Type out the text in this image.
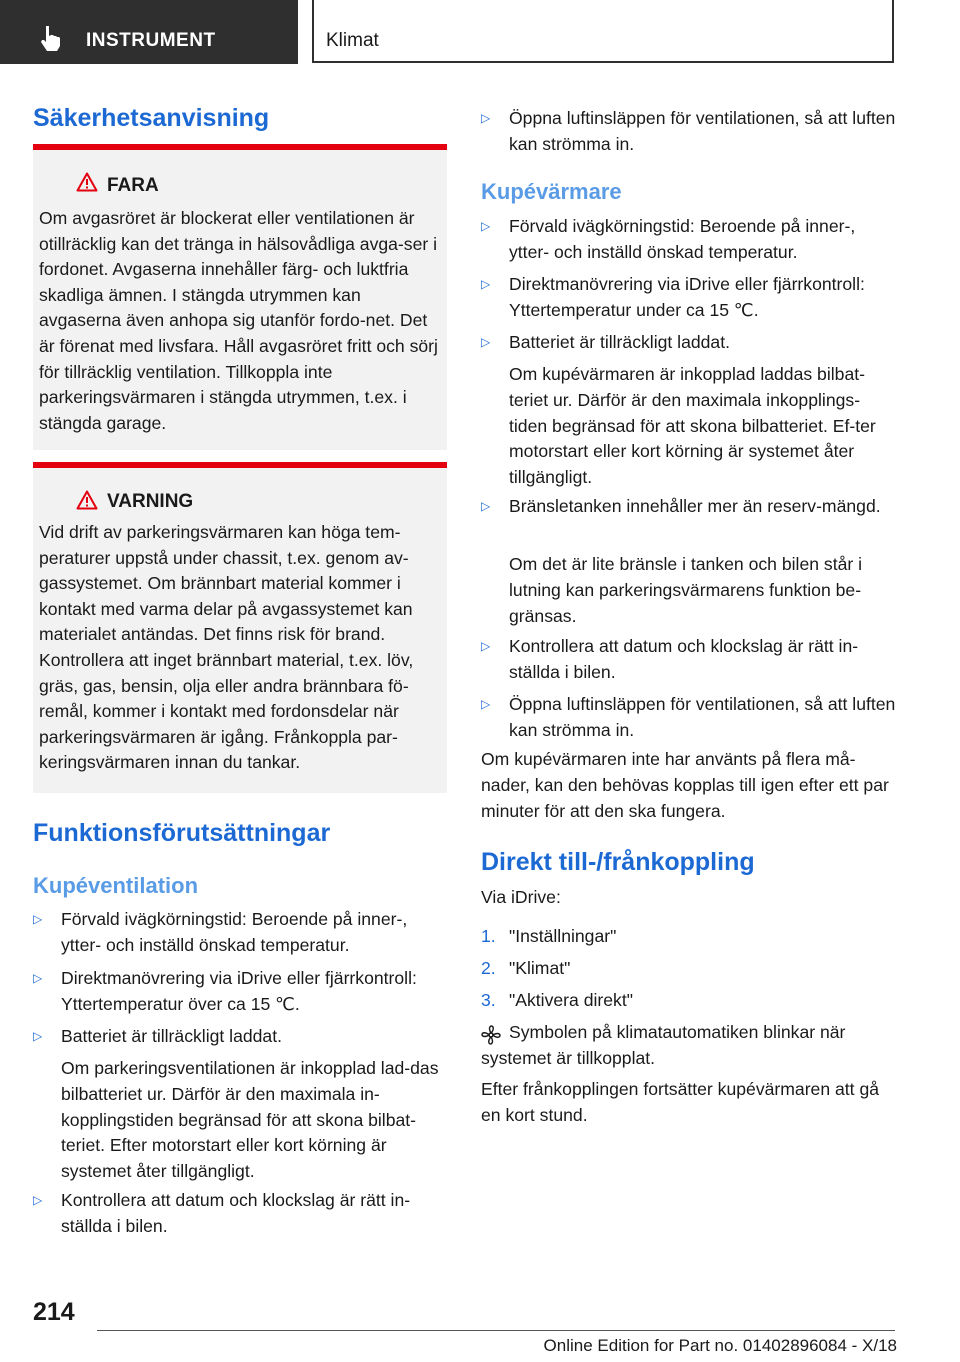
INSTRUMENT	Klimat
Säkerhetsanvisning
FARA
Om avgasröret är blockerat eller ventilationen är otillräcklig kan det tränga in hälsovådliga avga-ser i fordonet. Avgaserna innehåller färg- och luktfria skadliga ämnen. I stängda utrymmen kan avgaserna även anhopa sig utanför fordo-net. Det är förenat med livsfara. Håll avgasröret fritt och sörj för tillräcklig ventilation. Tillkoppla inte parkeringsvärmaren i stängda utrymmen, t.ex. i stängda garage.
VARNING
Vid drift av parkeringsvärmaren kan höga tem-peraturer uppstå under chassit, t.ex. genom av-gassystemet. Om brännbart material kommer i kontakt med varma delar på avgassystemet kan materialet antändas. Det finns risk för brand. Kontrollera att inget brännbart material, t.ex. löv, gräs, gas, bensin, olja eller andra brännbara fö-remål, kommer i kontakt med fordonsdelar när parkeringsvärmaren är igång. Frånkoppla par-keringsvärmaren innan du tankar.
Funktionsförutsättningar
Kupéventilation
▷ Förvald ivägkörningstid: Beroende på inner-, ytter- och inställd önskad temperatur.
▷ Direktmanövrering via iDrive eller fjärrkontroll: Yttertemperatur över ca 15 ℃.
▷ Batteriet är tillräckligt laddat.
Om parkeringsventilationen är inkopplad lad-das bilbatteriet ur. Därför är den maximala in-kopplingstiden begränsad för att skona bilbat-teriet. Efter motorstart eller kort körning är systemet åter tillgängligt.
▷ Kontrollera att datum och klockslag är rätt in-ställda i bilen.
▷ Öppna luftinsläppen för ventilationen, så att luften kan strömma in.
Kupévärmare
▷ Förvald ivägkörningstid: Beroende på inner-, ytter- och inställd önskad temperatur.
▷ Direktmanövrering via iDrive eller fjärrkontroll: Yttertemperatur under ca 15 ℃.
▷ Batteriet är tillräckligt laddat.
Om kupévärmaren är inkopplad laddas bilbat-teriet ur. Därför är den maximala inkopplings-tiden begränsad för att skona bilbatteriet. Ef-ter motorstart eller kort körning är systemet åter tillgängligt.
▷ Bränsletanken innehåller mer än reserv-mängd.
Om det är lite bränsle i tanken och bilen står i lutning kan parkeringsvärmarens funktion be-gränsas.
▷ Kontrollera att datum och klockslag är rätt in-ställda i bilen.
▷ Öppna luftinsläppen för ventilationen, så att luften kan strömma in.
Om kupévärmaren inte har använts på flera må-nader, kan den behövas kopplas till igen efter ett par minuter för att den ska fungera.
Direkt till-/frånkoppling
Via iDrive:
1. "Inställningar"
2. "Klimat"
3. "Aktivera direkt"
Symbolen på klimatautomatiken blinkar när systemet är tillkopplat.
Efter frånkopplingen fortsätter kupévärmaren att gå en kort stund.
214
Online Edition for Part no. 01402896084 - X/18
